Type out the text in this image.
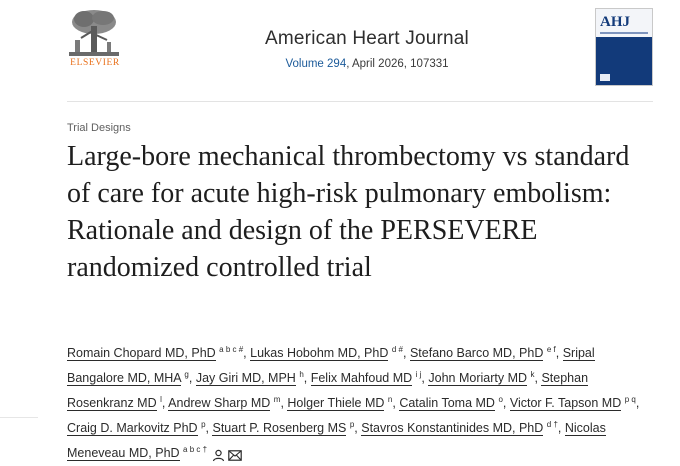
ELSEVIER
American Heart Journal
Volume 294, April 2026, 107331
AHJ
Trial Designs
Large-bore mechanical thrombectomy vs standard of care for acute high-risk pulmonary embolism: Rationale and design of the PERSEVERE randomized controlled trial
Romain Chopard MD, PhD $^{a b c \#}$, Lukas Hobohm MD, PhD $^{d \#}$, Stefano Barco MD, PhD $^{e f}$, Sripal Bangalore MD, MHA $^g$, Jay Giri MD, MPH $^h$, Felix Mahfoud MD $^{i j}$, John Moriarty MD $^k$, Stephan Rosenkranz MD $^l$, Andrew Sharp MD $^m$, Holger Thiele MD $^n$, Catalin Toma MD $^o$, Victor F. Tapson MD $^{p q}$, Craig D. Markovitz PhD $^p$, Stuart P. Rosenberg MS $^p$, Stavros Konstantinides MD, PhD $^{d \dagger}$, Nicolas Meneveau MD, PhD $^{a b c \dagger}$
